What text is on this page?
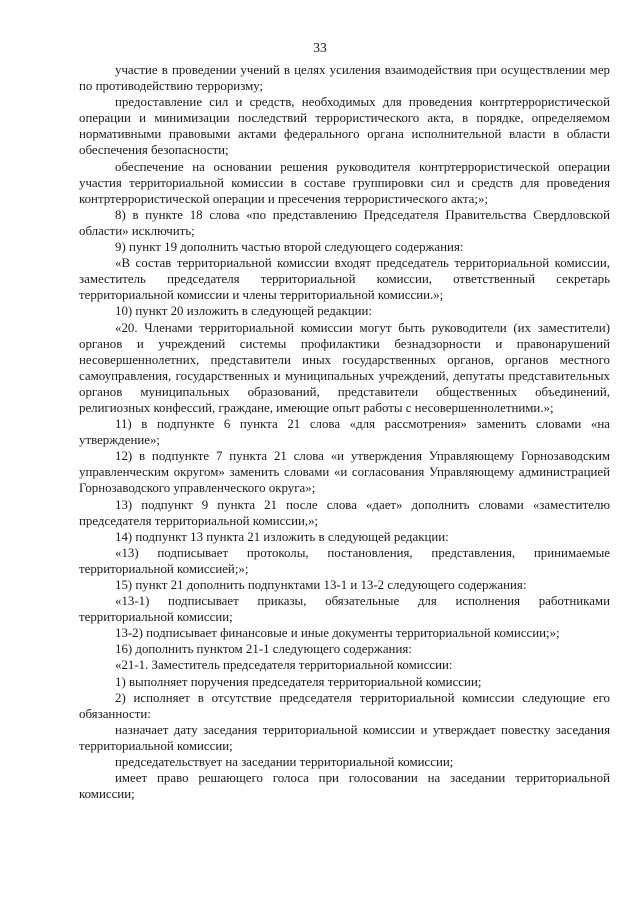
33

участие в проведении учений в целях усиления взаимодействия при осуществлении мер по противодействию терроризму;

предоставление сил и средств, необходимых для проведения контртеррористической операции и минимизации последствий террористического акта, в порядке, определяемом нормативными правовыми актами федерального органа исполнительной власти в области обеспечения безопасности;

обеспечение на основании решения руководителя контртеррористической операции участия территориальной комиссии в составе группировки сил и средств для проведения контртеррористической операции и пресечения террористического акта;»;

8) в пункте 18 слова «по представлению Председателя Правительства Свердловской области» исключить;

9) пункт 19 дополнить частью второй следующего содержания:

«В состав территориальной комиссии входят председатель территориальной комиссии, заместитель председателя территориальной комиссии, ответственный секретарь территориальной комиссии и члены территориальной комиссии.»;

10) пункт 20 изложить в следующей редакции:

«20. Членами территориальной комиссии могут быть руководители (их заместители) органов и учреждений системы профилактики безнадзорности и правонарушений несовершеннолетних, представители иных государственных органов, органов местного самоуправления, государственных и муниципальных учреждений, депутаты представительных органов муниципальных образований, представители общественных объединений, религиозных конфессий, граждане, имеющие опыт работы с несовершеннолетними.»;

11) в подпункте 6 пункта 21 слова «для рассмотрения» заменить словами «на утверждение»;

12) в подпункте 7 пункта 21 слова «и утверждения Управляющему Горнозаводским управленческим округом» заменить словами «и согласования Управляющему администрацией Горнозаводского управленческого округа»;

13) подпункт 9 пункта 21 после слова «дает» дополнить словами «заместителю председателя территориальной комиссии,»;

14) подпункт 13 пункта 21 изложить в следующей редакции:

«13) подписывает протоколы, постановления, представления, принимаемые территориальной комиссией;»;

15) пункт 21 дополнить подпунктами 13-1 и 13-2 следующего содержания:

«13-1) подписывает приказы, обязательные для исполнения работниками территориальной комиссии;

13-2) подписывает финансовые и иные документы территориальной комиссии;»;

16) дополнить пунктом 21-1 следующего содержания:

«21-1. Заместитель председателя территориальной комиссии:

1) выполняет поручения председателя территориальной комиссии;

2) исполняет в отсутствие председателя территориальной комиссии следующие его обязанности:

назначает дату заседания территориальной комиссии и утверждает повестку заседания территориальной комиссии;

председательствует на заседании территориальной комиссии;

имеет право решающего голоса при голосовании на заседании территориальной комиссии;
